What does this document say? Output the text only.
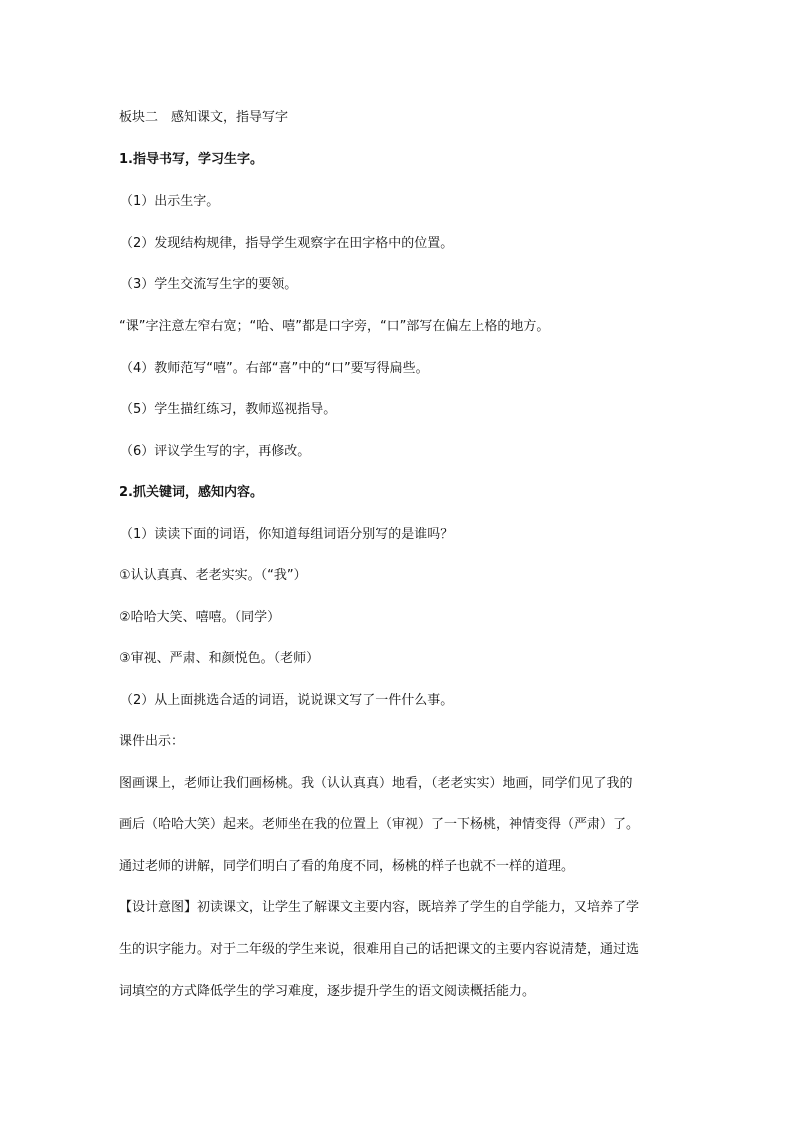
板块二　感知课文，指导写字
1.指导书写，学习生字。
（1）出示生字。
（2）发现结构规律，指导学生观察字在田字格中的位置。
（3）学生交流写生字的要领。
“课”字注意左窄右宽；“哈、嘻”都是口字旁，“口”部写在偏左上格的地方。
（4）教师范写“嘻”。右部“喜”中的“口”要写得扁些。
（5）学生描红练习，教师巡视指导。
（6）评议学生写的字，再修改。
2.抓关键词，感知内容。
（1）读读下面的词语，你知道每组词语分别写的是谁吗？
①认认真真、老老实实。（“我”）
②哈哈大笑、嘻嘻。（同学）
③审视、严肃、和颜悦色。（老师）
（2）从上面挑选合适的词语，说说课文写了一件什么事。
课件出示：
图画课上，老师让我们画杨桃。我（认认真真）地看，（老老实实）地画，同学们见了我的
画后（哈哈大笑）起来。老师坐在我的位置上（审视）了一下杨桃，神情变得（严肃）了。
通过老师的讲解，同学们明白了看的角度不同，杨桃的样子也就不一样的道理。
【设计意图】初读课文，让学生了解课文主要内容，既培养了学生的自学能力，又培养了学
生的识字能力。对于二年级的学生来说，很难用自己的话把课文的主要内容说清楚，通过选
词填空的方式降低学生的学习难度，逐步提升学生的语文阅读概括能力。
